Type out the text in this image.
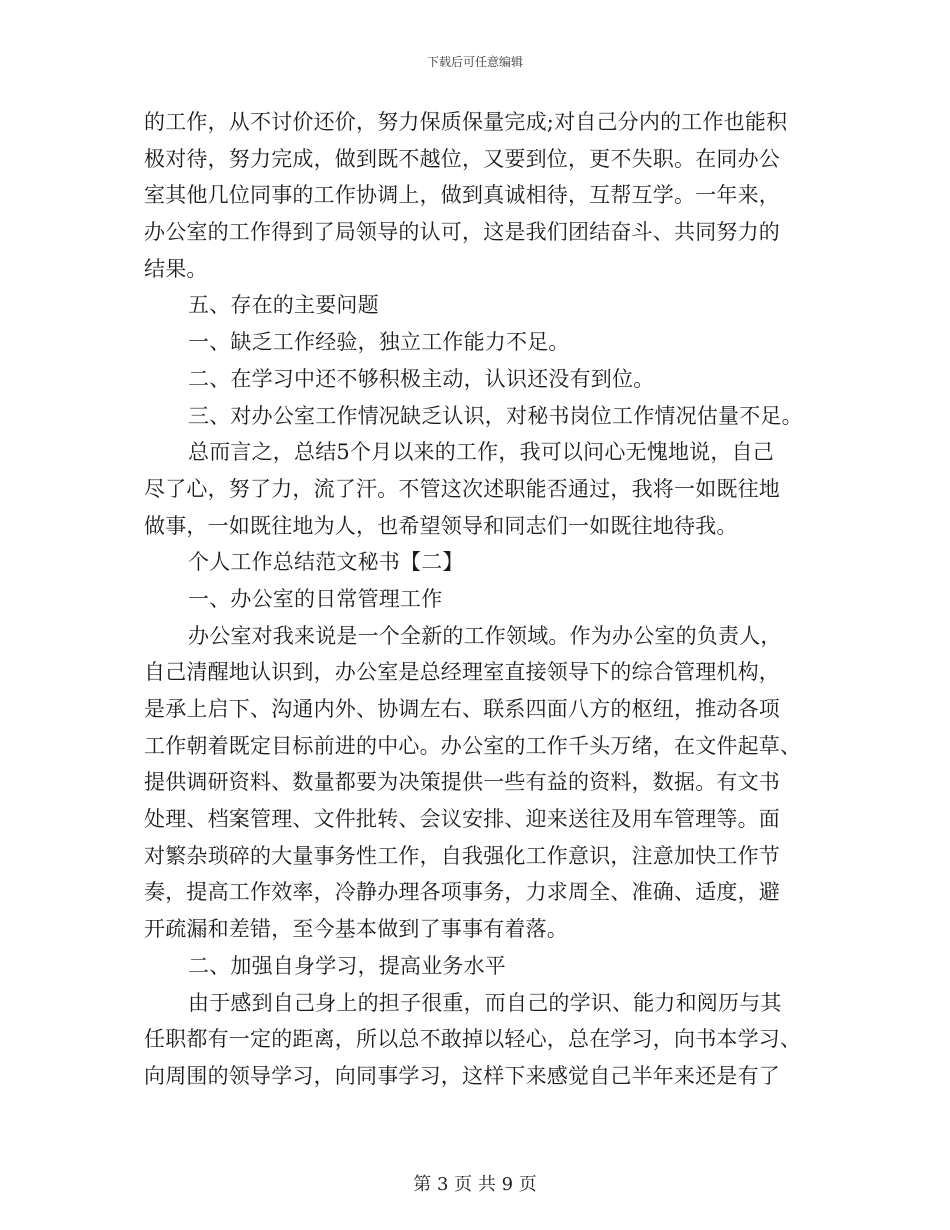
下载后可任意编辑
的工作，从不讨价还价，努力保质保量完成;对自己分内的工作也能积
极对待，努力完成，做到既不越位，又要到位，更不失职。在同办公
室其他几位同事的工作协调上，做到真诚相待，互帮互学。一年来，
办公室的工作得到了局领导的认可，这是我们团结奋斗、共同努力的
结果。
五、存在的主要问题
一、缺乏工作经验，独立工作能力不足。
二、在学习中还不够积极主动，认识还没有到位。
三、对办公室工作情况缺乏认识，对秘书岗位工作情况估量不足。
总而言之，总结5个月以来的工作，我可以问心无愧地说，自己
尽了心，努了力，流了汗。不管这次述职能否通过，我将一如既往地
做事，一如既往地为人，也希望领导和同志们一如既往地待我。
个人工作总结范文秘书【二】
一、办公室的日常管理工作
办公室对我来说是一个全新的工作领域。作为办公室的负责人，
自己清醒地认识到，办公室是总经理室直接领导下的综合管理机构，
是承上启下、沟通内外、协调左右、联系四面八方的枢纽，推动各项
工作朝着既定目标前进的中心。办公室的工作千头万绪，在文件起草、
提供调研资料、数量都要为决策提供一些有益的资料，数据。有文书
处理、档案管理、文件批转、会议安排、迎来送往及用车管理等。面
对繁杂琐碎的大量事务性工作，自我强化工作意识，注意加快工作节
奏，提高工作效率，冷静办理各项事务，力求周全、准确、适度，避
开疏漏和差错，至今基本做到了事事有着落。
二、加强自身学习，提高业务水平
由于感到自己身上的担子很重，而自己的学识、能力和阅历与其
任职都有一定的距离，所以总不敢掉以轻心，总在学习，向书本学习、
向周围的领导学习，向同事学习，这样下来感觉自己半年来还是有了
第 3 页 共 9 页
